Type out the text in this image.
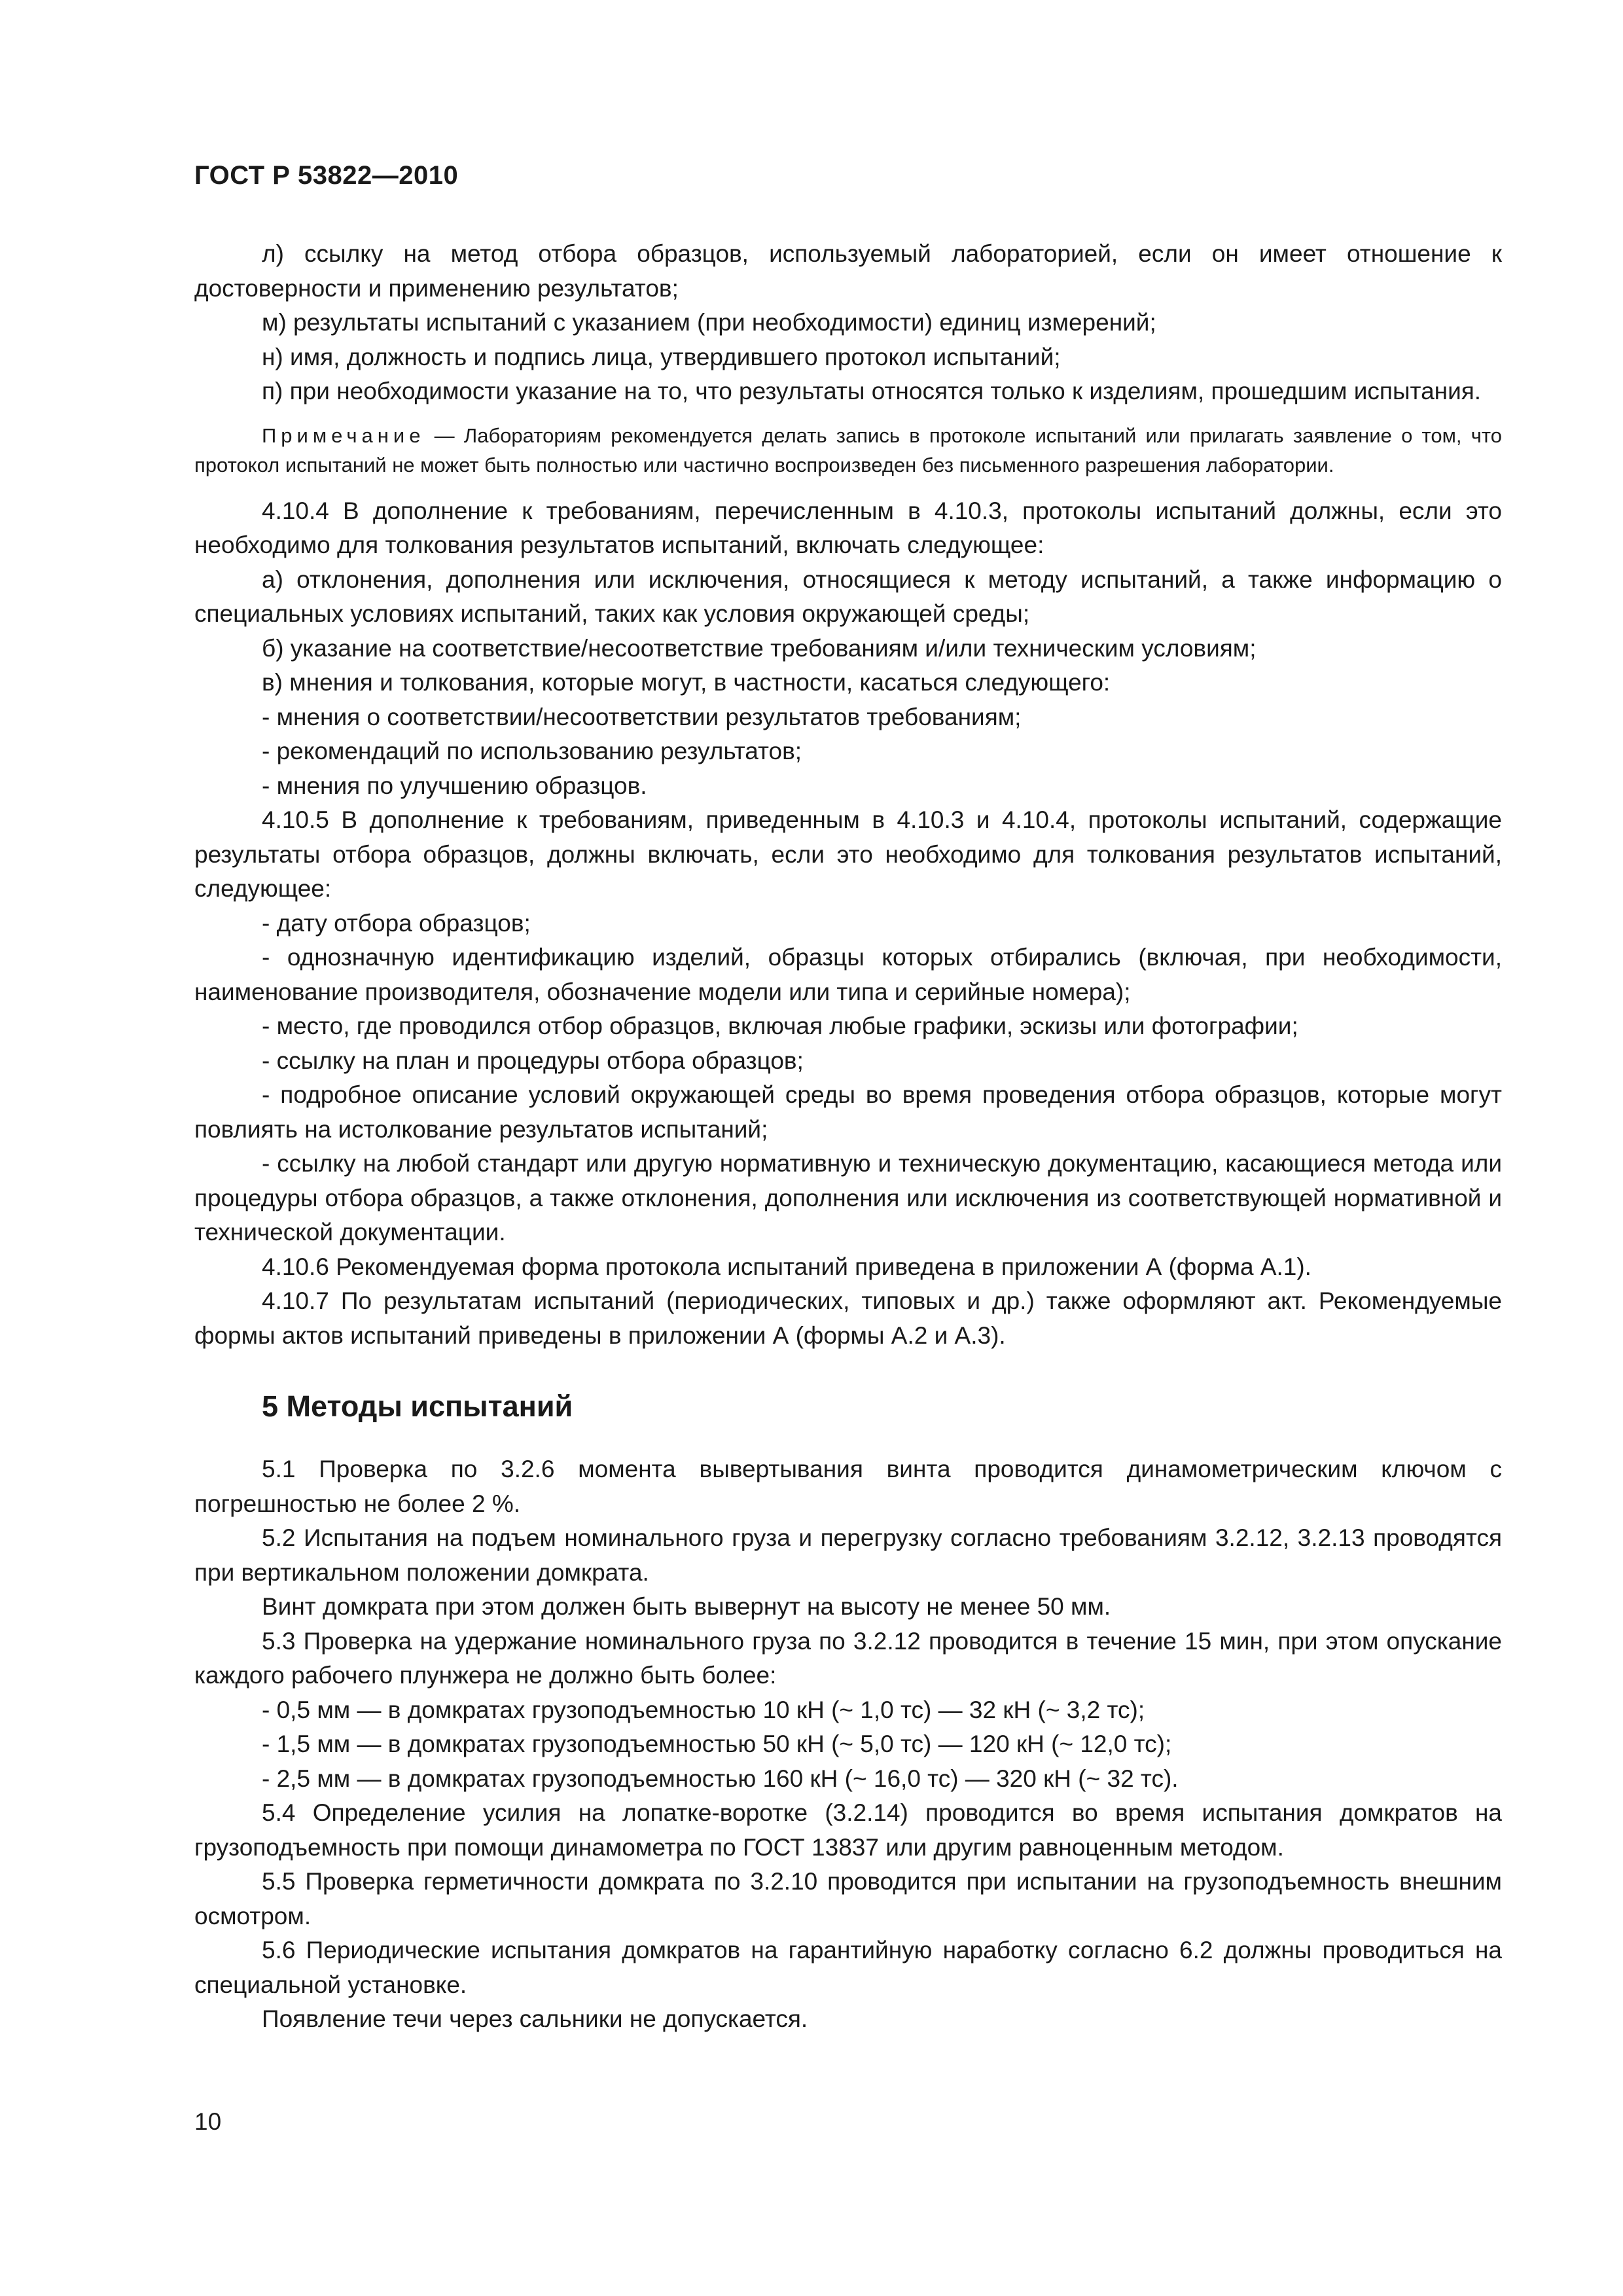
ГОСТ Р 53822—2010

л) ссылку на метод отбора образцов, используемый лабораторией, если он имеет отношение к достоверности и применению результатов;

м) результаты испытаний с указанием (при необходимости) единиц измерений;

н) имя, должность и подпись лица, утвердившего протокол испытаний;

п) при необходимости указание на то, что результаты относятся только к изделиям, прошедшим испытания.

Примечание — Лабораториям рекомендуется делать запись в протоколе испытаний или прилагать заявление о том, что протокол испытаний не может быть полностью или частично воспроизведен без письменного разрешения лаборатории.

4.10.4 В дополнение к требованиям, перечисленным в 4.10.3, протоколы испытаний должны, если это необходимо для толкования результатов испытаний, включать следующее:

а) отклонения, дополнения или исключения, относящиеся к методу испытаний, а также информацию о специальных условиях испытаний, таких как условия окружающей среды;

б) указание на соответствие/несоответствие требованиям и/или техническим условиям;

в) мнения и толкования, которые могут, в частности, касаться следующего:

- мнения о соответствии/несоответствии результатов требованиям;

- рекомендаций по использованию результатов;

- мнения по улучшению образцов.

4.10.5 В дополнение к требованиям, приведенным в 4.10.3 и 4.10.4, протоколы испытаний, содержащие результаты отбора образцов, должны включать, если это необходимо для толкования результатов испытаний, следующее:

- дату отбора образцов;

- однозначную идентификацию изделий, образцы которых отбирались (включая, при необходимости, наименование производителя, обозначение модели или типа и серийные номера);

- место, где проводился отбор образцов, включая любые графики, эскизы или фотографии;

- ссылку на план и процедуры отбора образцов;

- подробное описание условий окружающей среды во время проведения отбора образцов, которые могут повлиять на истолкование результатов испытаний;

- ссылку на любой стандарт или другую нормативную и техническую документацию, касающиеся метода или процедуры отбора образцов, а также отклонения, дополнения или исключения из соответствующей нормативной и технической документации.

4.10.6 Рекомендуемая форма протокола испытаний приведена в приложении А (форма А.1).

4.10.7 По результатам испытаний (периодических, типовых и др.) также оформляют акт. Рекомендуемые формы актов испытаний приведены в приложении А (формы А.2 и А.3).

5 Методы испытаний

5.1 Проверка по 3.2.6 момента вывертывания винта проводится динамометрическим ключом с погрешностью не более 2 %.

5.2 Испытания на подъем номинального груза и перегрузку согласно требованиям 3.2.12, 3.2.13 проводятся при вертикальном положении домкрата.

Винт домкрата при этом должен быть вывернут на высоту не менее 50 мм.

5.3 Проверка на удержание номинального груза по 3.2.12 проводится в течение 15 мин, при этом опускание каждого рабочего плунжера не должно быть более:

- 0,5 мм — в домкратах грузоподъемностью 10 кН (~ 1,0 тс) — 32 кН (~ 3,2 тс);

- 1,5 мм — в домкратах грузоподъемностью 50 кН (~ 5,0 тс) — 120 кН (~ 12,0 тс);

- 2,5 мм — в домкратах грузоподъемностью 160 кН (~ 16,0 тс) — 320 кН (~ 32 тс).

5.4 Определение усилия на лопатке-воротке (3.2.14) проводится во время испытания домкратов на грузоподъемность при помощи динамометра по ГОСТ 13837 или другим равноценным методом.

5.5 Проверка герметичности домкрата по 3.2.10 проводится при испытании на грузоподъемность внешним осмотром.

5.6 Периодические испытания домкратов на гарантийную наработку согласно 6.2 должны проводиться на специальной установке.

Появление течи через сальники не допускается.

10
